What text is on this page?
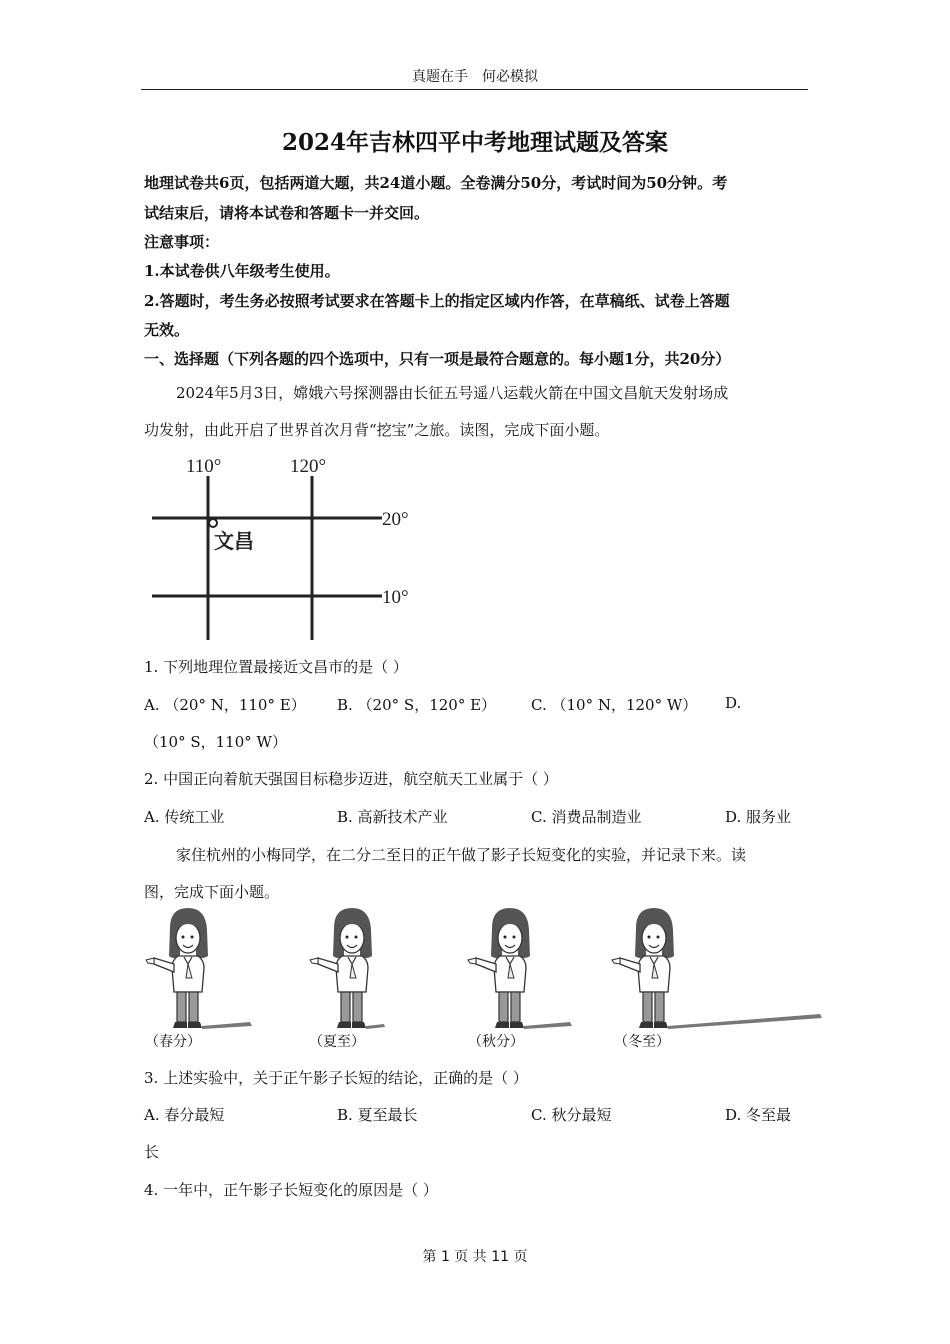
真题在手　何必模拟
2024年吉林四平中考地理试题及答案
地理试卷共6页，包括两道大题，共24道小题。全卷满分50分，考试时间为50分钟。考
试结束后，请将本试卷和答题卡一并交回。
注意事项：
1.本试卷供八年级考生使用。
2.答题时，考生务必按照考试要求在答题卡上的指定区域内作答，在草稿纸、试卷上答题
无效。
一、选择题（下列各题的四个选项中，只有一项是最符合题意的。每小题1分，共20分）
2024年5月3日，嫦娥六号探测器由长征五号遥八运载火箭在中国文昌航天发射场成
功发射，由此开启了世界首次月背“挖宝”之旅。读图，完成下面小题。
110°	120°
20°
10°
文昌
1. 下列地理位置最接近文昌市的是（ ）
A. （20° N，110° E） B. （20° S，120° E） C. （10° N，120° W） D.
（10° S，110° W）
2. 中国正向着航天强国目标稳步迈进，航空航天工业属于（ ）
A. 传统工业	B. 高新技术产业	C. 消费品制造业	D. 服务业
家住杭州的小梅同学，在二分二至日的正午做了影子长短变化的实验，并记录下来。读
图，完成下面小题。
（春分）	（夏至）	（秋分）	（冬至）
3. 上述实验中，关于正午影子长短的结论，正确的是（ ）
A. 春分最短	B. 夏至最长	C. 秋分最短	D. 冬至最
长
4. 一年中，正午影子长短变化的原因是（ ）
第 1 页 共 11 页
